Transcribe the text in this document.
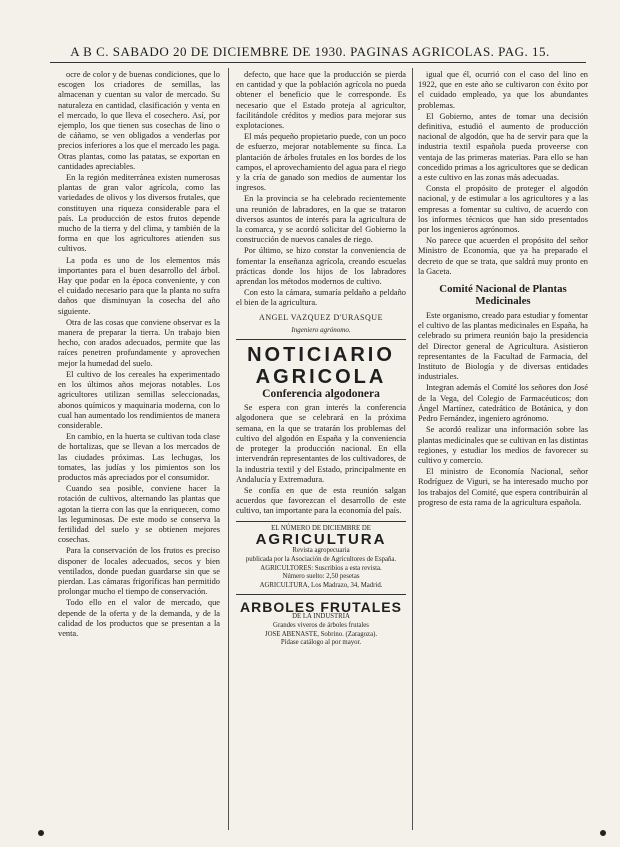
A B C. SABADO 20 DE DICIEMBRE DE 1930. PAGINAS AGRICOLAS. PAG. 15.

ocre de color y de buenas condiciones, que lo escogen los criadores de semillas, las almacenan y cuentan su valor de mercado. Su naturaleza en cantidad, clasificación y venta en el mercado, lo que lleva el cosechero. Así, por ejemplo, los que tienen sus cosechas de lino o de cáñamo, se ven obligados a venderlas por precios inferiores a los que el mercado les paga. Otras plantas, como las patatas, se exportan en cantidades apreciables.

En la región mediterránea existen numerosas plantas de gran valor agrícola, como las variedades de olivos y los diversos frutales, que constituyen una riqueza considerable para el país. La producción de estos frutos depende mucho de la tierra y del clima, y también de la forma en que los agricultores atienden sus cultivos.

La poda es uno de los elementos más importantes para el buen desarrollo del árbol. Hay que podar en la época conveniente, y con el cuidado necesario para que la planta no sufra daños que disminuyan la cosecha del año siguiente.

Otra de las cosas que conviene observar es la manera de preparar la tierra. Un trabajo bien hecho, con arados adecuados, permite que las raíces penetren profundamente y aprovechen mejor la humedad del suelo.

El cultivo de los cereales ha experimentado en los últimos años mejoras notables. Los agricultores utilizan semillas seleccionadas, abonos químicos y maquinaria moderna, con lo cual han aumentado los rendimientos de manera considerable.

En cambio, en la huerta se cultivan toda clase de hortalizas, que se llevan a los mercados de las ciudades próximas. Las lechugas, los tomates, las judías y los pimientos son los productos más apreciados por el consumidor.

Cuando sea posible, conviene hacer la rotación de cultivos, alternando las plantas que agotan la tierra con las que la enriquecen, como las leguminosas. De este modo se conserva la fertilidad del suelo y se obtienen mejores cosechas.

Para la conservación de los frutos es preciso disponer de locales adecuados, secos y bien ventilados, donde puedan guardarse sin que se pierdan. Las cámaras frigoríficas han permitido prolongar mucho el tiempo de conservación.

Todo ello en el valor de mercado, que depende de la oferta y de la demanda, y de la calidad de los productos que se presentan a la venta.

defecto, que hace que la producción se pierda en cantidad y que la población agrícola no pueda obtener el beneficio que le corresponde. Es necesario que el Estado proteja al agricultor, facilitándole créditos y medios para mejorar sus explotaciones.

El más pequeño propietario puede, con un poco de esfuerzo, mejorar notablemente su finca. La plantación de árboles frutales en los bordes de los campos, el aprovechamiento del agua para el riego y la cría de ganado son medios de aumentar los ingresos.

En la provincia se ha celebrado recientemente una reunión de labradores, en la que se trataron diversos asuntos de interés para la agricultura de la comarca, y se acordó solicitar del Gobierno la construcción de nuevos canales de riego.

Por último, se hizo constar la conveniencia de fomentar la enseñanza agrícola, creando escuelas prácticas donde los hijos de los labradores aprendan los métodos modernos de cultivo.

Con esto la cámara, sumaría peldaño a peldaño el bien de la agricultura.

ANGEL VAZQUEZ D'URASQUE
Ingeniero agrónomo.
NOTICIARIO
AGRICOLA
Conferencia algodonera

Se espera con gran interés la conferencia algodonera que se celebrará en la próxima semana, en la que se tratarán los problemas del cultivo del algodón en España y la conveniencia de proteger la producción nacional. En ella intervendrán representantes de los cultivadores, de la industria textil y del Estado, principalmente en Andalucía y Extremadura.

Se confía en que de esta reunión salgan acuerdos que favorezcan el desarrollo de este cultivo, tan importante para la economía del país.

EL NÚMERO DE DICIEMBRE DE
AGRICULTURA
Revista agropecuaria
publicada por la Asociación de Agricultores de España.
AGRICULTORES: Suscribíos a esta revista.
Número suelto: 2,50 pesetas
AGRICULTURA, Los Madrazo, 34, Madrid.
ARBOLES FRUTALES
DE LA INDUSTRIA
Grandes viveros de árboles frutales
JOSE ABENASTE, Sobrino. (Zaragoza).
Pídase catálogo al por mayor.

igual que él, ocurrió con el caso del lino en 1922, que en este año se cultivaron con éxito por el cuidado empleado, ya que los abundantes problemas.

El Gobierno, antes de tomar una decisión definitiva, estudió el aumento de producción nacional de algodón, que ha de servir para que la industria textil española pueda proveerse con ventaja de las primeras materias. Para ello se han concedido primas a los agricultores que se dedican a este cultivo en las zonas más adecuadas.

Consta el propósito de proteger el algodón nacional, y de estimular a los agricultores y a las empresas a fomentar su cultivo, de acuerdo con los informes técnicos que han sido presentados por los ingenieros agrónomos.

No parece que acuerden el propósito del señor Ministro de Economía, que ya ha preparado el decreto de que se trata, que saldrá muy pronto en la Gaceta.

Comité Nacional de Plantas Medicinales

Este organismo, creado para estudiar y fomentar el cultivo de las plantas medicinales en España, ha celebrado su primera reunión bajo la presidencia del Director general de Agricultura. Asistieron representantes de la Facultad de Farmacia, del Instituto de Biología y de diversas entidades industriales.

Integran además el Comité los señores don José de la Vega, del Colegio de Farmacéuticos; don Ángel Martínez, catedrático de Botánica, y don Pedro Fernández, ingeniero agrónomo.

Se acordó realizar una información sobre las plantas medicinales que se cultivan en las distintas regiones, y estudiar los medios de favorecer su cultivo y comercio.

El ministro de Economía Nacional, señor Rodríguez de Viguri, se ha interesado mucho por los trabajos del Comité, que espera contribuirán al progreso de esta rama de la agricultura española.
